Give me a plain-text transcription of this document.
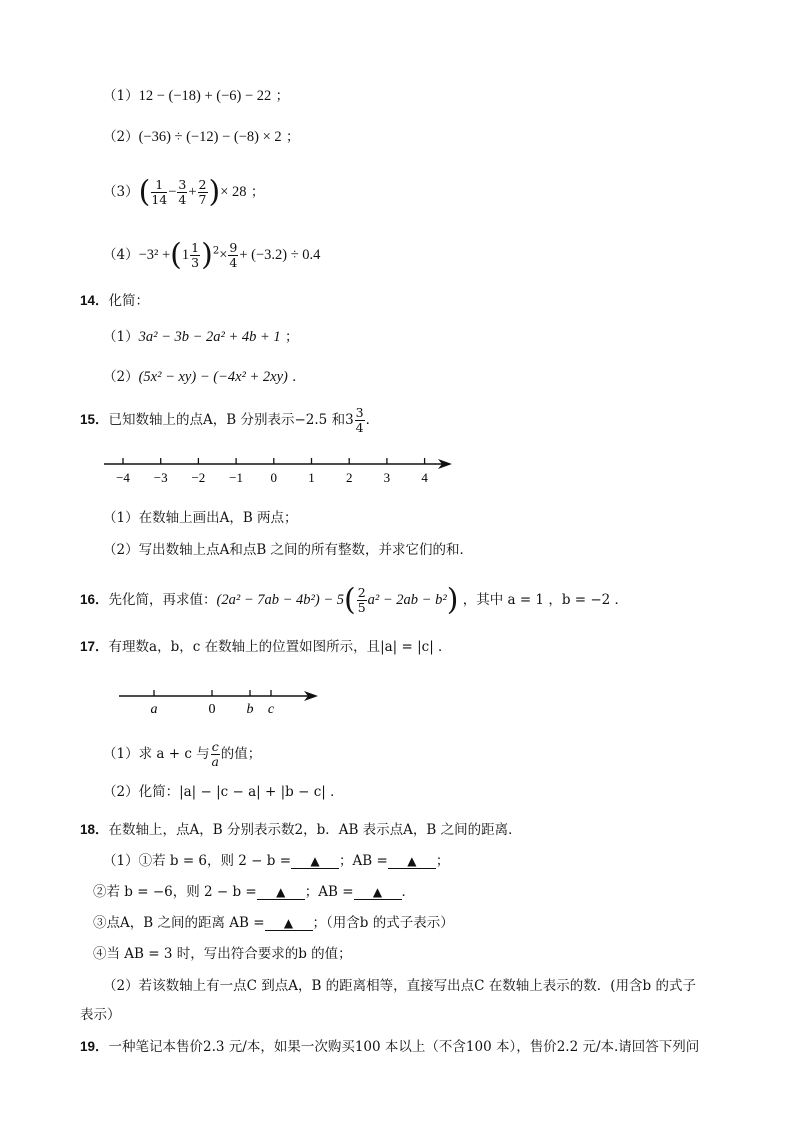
（1）12 − (−18) + (−6) − 22 ；
（2）(−36) ÷ (−12) − (−8) × 2 ；
$(3)( \frac{1}{14} - \frac{3}{4} + \frac{2}{7}$ )× 28 ；
$(4)-3^2 +(1 \frac{1}{3} )^2\times \frac{9}{4} + (-3.2) \div 0.4$
14．化简：
（1）3a² − 3b − 2a² + 4b + 1 ；
（2）(5x² − xy) − (−4x² + 2xy) ．
15．已知数轴上的点A，B 分别表示−2.5 和$3 \frac{3}{4}$ ．
−4 −3 −2 −1 0 1 2 3 4
（1）在数轴上画出A，B 两点；
（2）写出数轴上点A和点B 之间的所有整数，并求它们的和．
16．先化简，再求值：$(2a^2 - 7ab - 4b^2) - 5( \frac{2}{5} a^2 - 2ab - b^2)$ ，其中 a = 1 ，b = −2 ．
17．有理数a，b，c 在数轴上的位置如图所示，且|a| = |c| ．
a	0 b c
（1）求 a + c 与 $\frac{c}{a}$ 的值；
（2）化简：|a| − |c − a| + |b − c| ．
18．在数轴上，点A，B 分别表示数2，b．AB 表示点A，B 之间的距离．
（1）①若 b = 6，则 2 − b = ▲ ；AB = ▲ ；
②若 b = −6，则 2 − b = ▲ ；AB = ▲ ．
③点A，B 之间的距离 AB = ▲ ；（用含b 的式子表示）
④当 AB = 3 时，写出符合要求的b 的值；
（2）若该数轴上有一点C 到点A，B 的距离相等，直接写出点C 在数轴上表示的数．(用含b 的式子
表示）
19．一种笔记本售价2.3 元/本，如果一次购买100 本以上（不含100 本），售价2.2 元/本.请回答下列问
